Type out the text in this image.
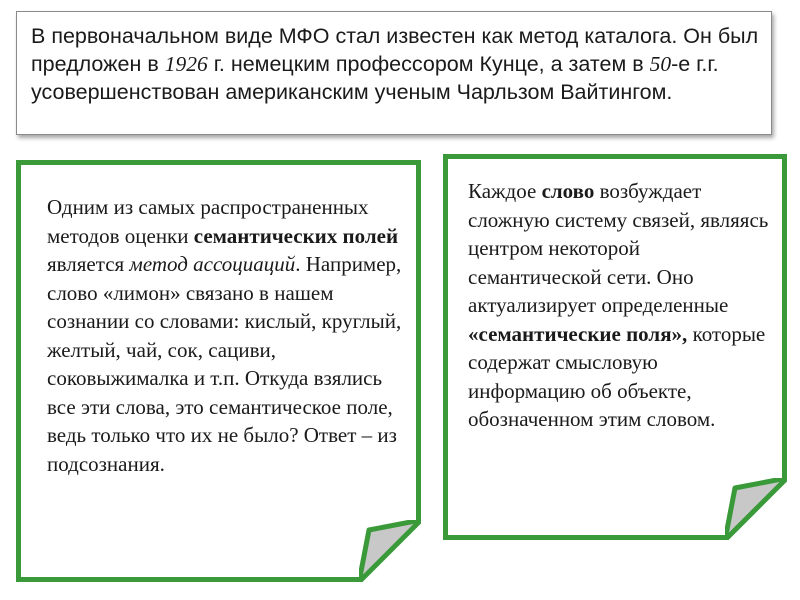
В первоначальном виде МФО стал известен как метод каталога. Он был предложен в 1926 г. немецким профессором Кунце, а затем в 50-е г.г. усовершенствован американским ученым Чарльзом Вайтингом.
Одним из самых распространенных методов оценки семантических полей является метод ассоциаций. Например, слово «лимон» связано в нашем сознании со словами: кислый, круглый, желтый, чай, сок, сациви, соковыжималка и т.п. Откуда взялись все эти слова, это семантическое поле, ведь только что их не было? Ответ – из подсознания.
Каждое слово возбуждает сложную систему связей, являясь центром некоторой семантической сети. Оно актуализирует определенные «семантические поля», которые содержат смысловую информацию об объекте, обозначенном этим словом.
